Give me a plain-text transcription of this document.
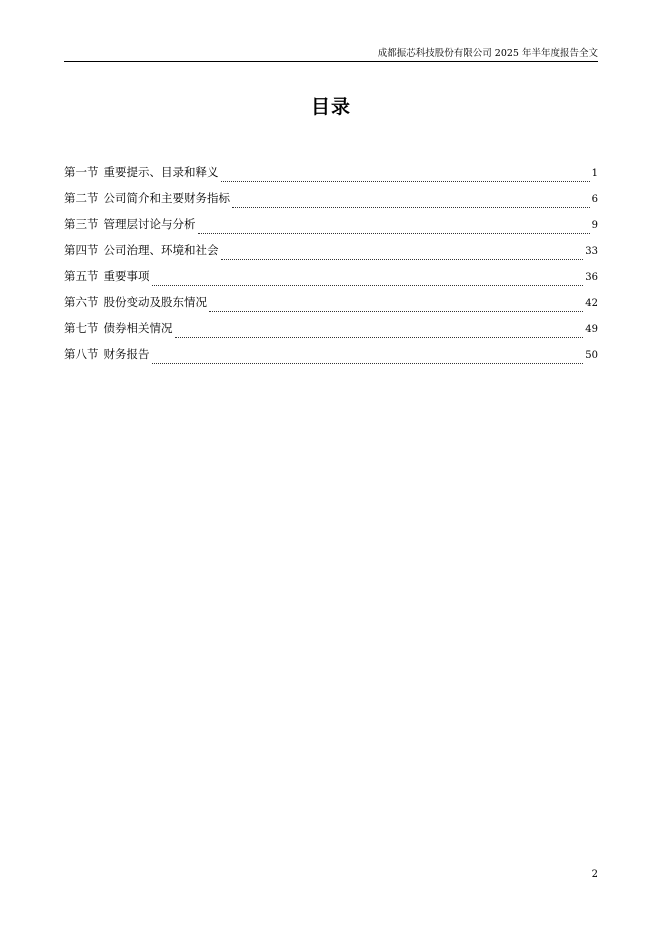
成都振芯科技股份有限公司 2025 年半年度报告全文
目录
第一节 重要提示、目录和释义	1
第二节 公司简介和主要财务指标	6
第三节 管理层讨论与分析	9
第四节 公司治理、环境和社会	33
第五节 重要事项	36
第六节 股份变动及股东情况	42
第七节 债券相关情况	49
第八节 财务报告	50
2
